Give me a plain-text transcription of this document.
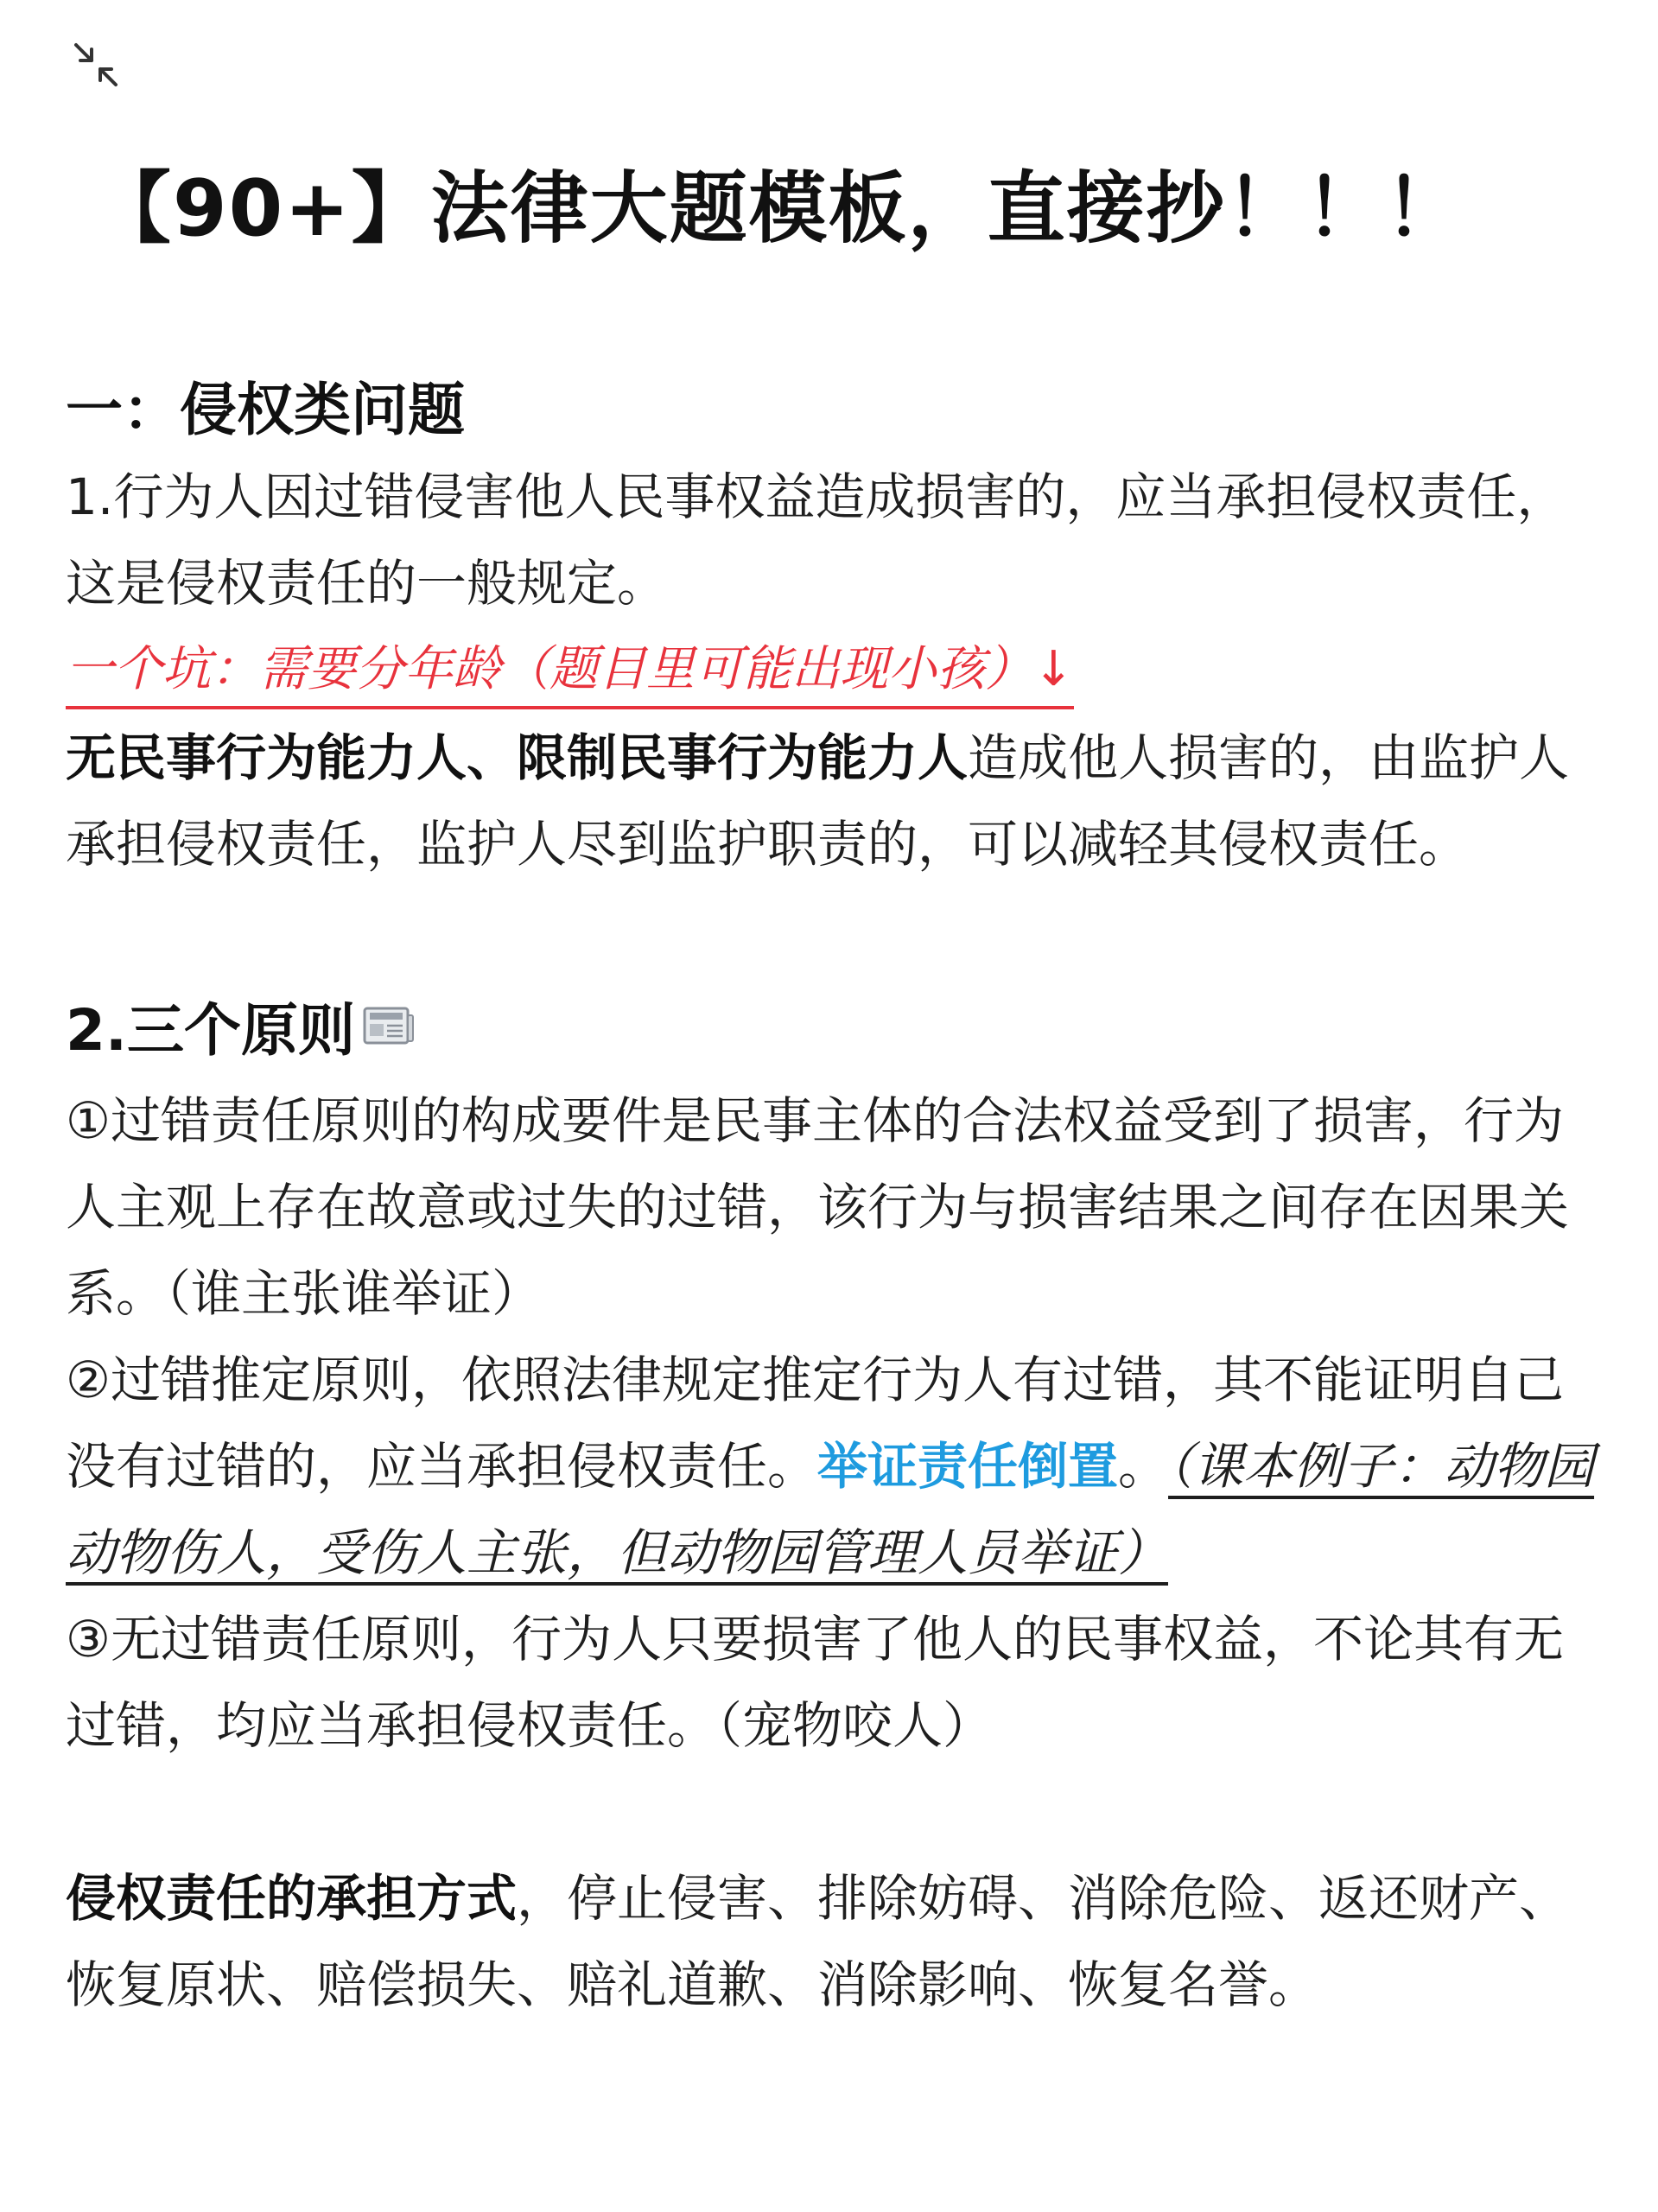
【90+】法律大题模板，直接抄！！！
一：侵权类问题

1.行为人因过错侵害他人民事权益造成损害的，应当承担侵权责任，这是侵权责任的一般规定。

一个坑：需要分年龄（题目里可能出现小孩）↓

无民事行为能力人、限制民事行为能力人造成他人损害的，由监护人承担侵权责任，监护人尽到监护职责的，可以减轻其侵权责任。

2.三个原则

①过错责任原则的构成要件是民事主体的合法权益受到了损害，行为人主观上存在故意或过失的过错，该行为与损害结果之间存在因果关系。（谁主张谁举证）

②过错推定原则，依照法律规定推定行为人有过错，其不能证明自己没有过错的，应当承担侵权责任。举证责任倒置。（课本例子：动物园动物伤人，受伤人主张，但动物园管理人员举证）

③无过错责任原则，行为人只要损害了他人的民事权益，不论其有无过错，均应当承担侵权责任。（宠物咬人）

侵权责任的承担方式，停止侵害、排除妨碍、消除危险、返还财产、恢复原状、赔偿损失、赔礼道歉、消除影响、恢复名誉。
